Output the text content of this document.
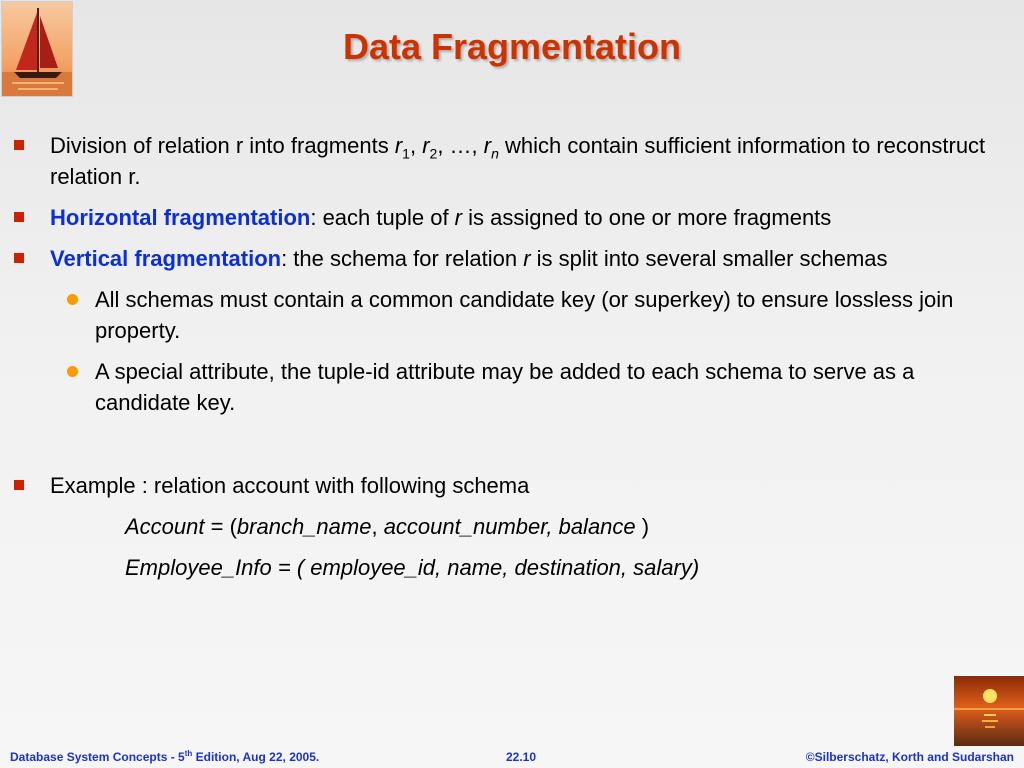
Data Fragmentation
Division of relation r into fragments $r_1$, $r_2$, …, $r_n$ which contain sufficient information to reconstruct relation r.
Horizontal fragmentation: each tuple of r is assigned to one or more fragments
Vertical fragmentation: the schema for relation r is split into several smaller schemas
All schemas must contain a common candidate key (or superkey) to ensure lossless join property.
A special attribute, the tuple-id attribute may be added to each schema to serve as a candidate key.
Example : relation account with following schema
Account = (branch_name, account_number, balance )
Employee_Info = ( employee_id, name, destination, salary)
Database System Concepts - 5th Edition, Aug 22, 2005.	22.10	©Silberschatz, Korth and Sudarshan
